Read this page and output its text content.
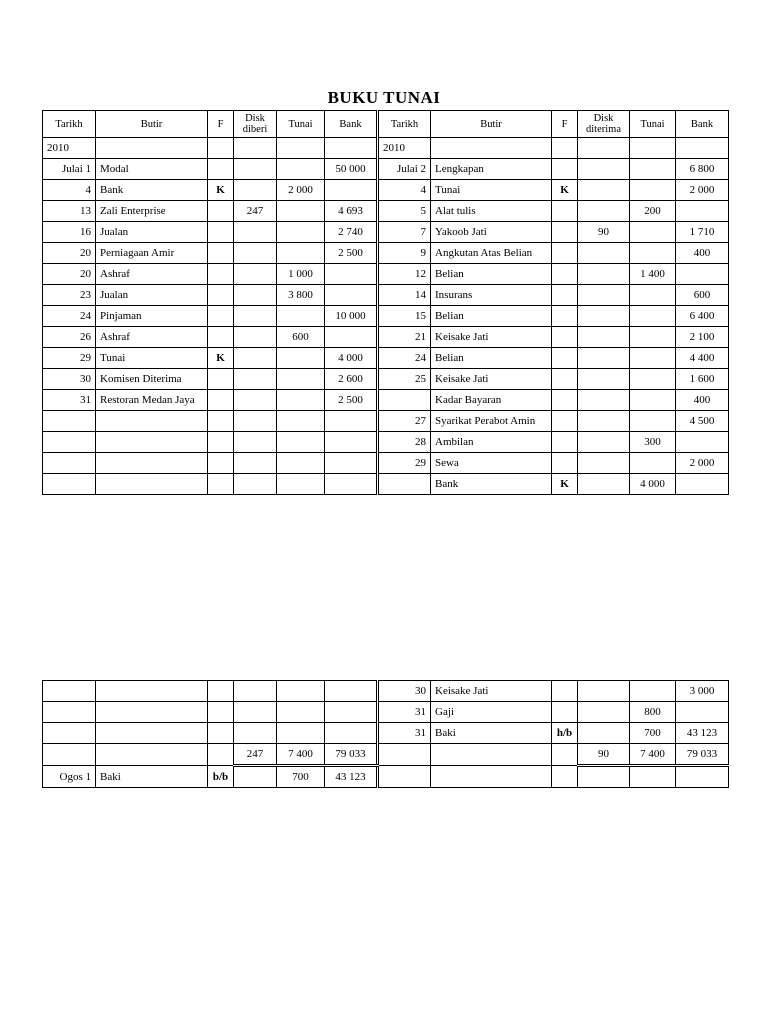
BUKU TUNAI
Tarikh	Butir	F	Disk diberi	Tunai	Bank	Tarikh	Butir	F	Disk diterima	Tunai	Bank
2010						2010					
Julai 1	Modal				50 000	Julai 2	Lengkapan				6 800
4	Bank	K		2 000		4	Tunai	K			2 000
13	Zali Enterprise		247		4 693	5	Alat tulis			200	
16	Jualan				2 740	7	Yakoob Jati		90		1 710
20	Perniagaan Amir				2 500	9	Angkutan Atas Belian				400
20	Ashraf			1 000		12	Belian			1 400	
23	Jualan			3 800		14	Insurans				600
24	Pinjaman				10 000	15	Belian				6 400
26	Ashraf			600		21	Keisake Jati				2 100
29	Tunai	K			4 000	24	Belian				4 400
30	Komisen Diterima				2 600	25	Keisake Jati				1 600
31	Restoran Medan Jaya				2 500		Kadar Bayaran				400
						27	Syarikat Perabot Amin				4 500
						28	Ambilan			300	
						29	Sewa				2 000
							Bank	K		4 000	
						30	Keisake Jati				3 000
						31	Gaji			800	
						31	Baki	h/b		700	43 123
			247	7 400	79 033				90	7 400	79 033
Ogos 1	Baki	b/b		700	43 123						
